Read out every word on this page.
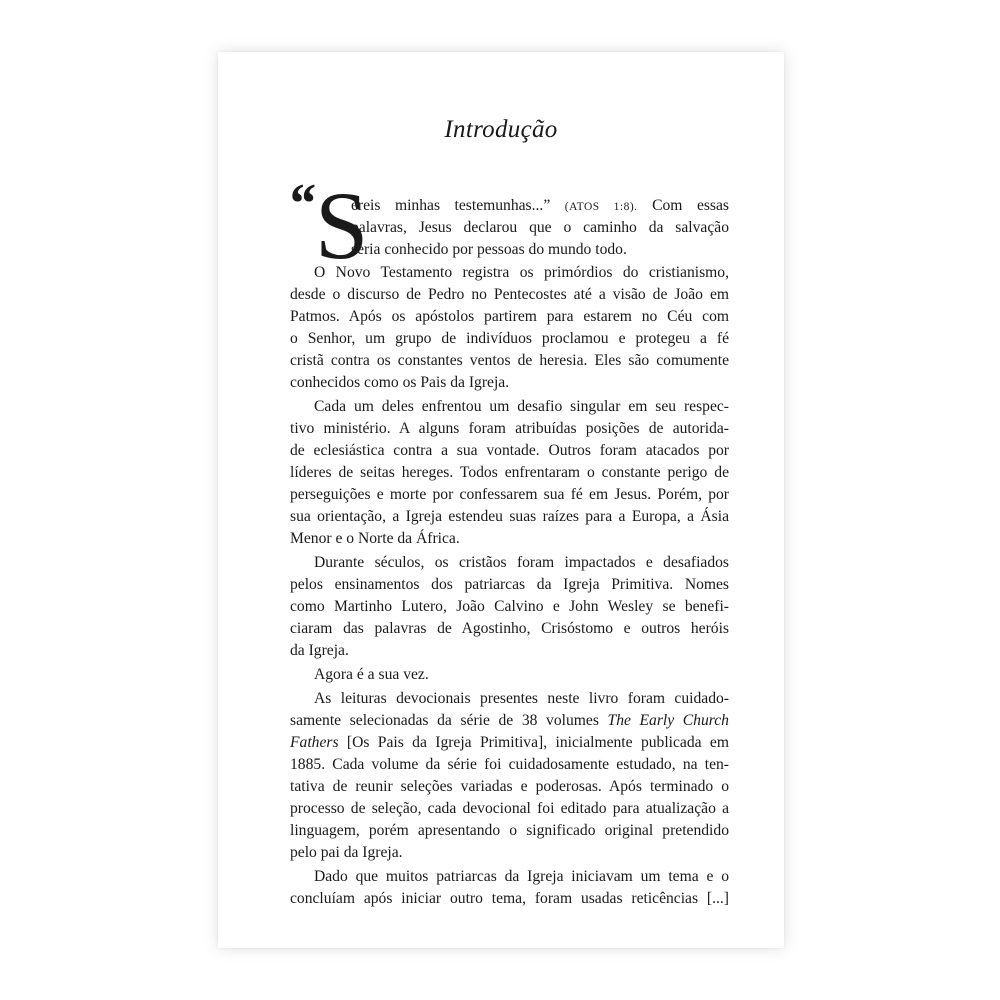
Introdução
“ S
ereis minhas testemunhas...” (ATOS 1:8). Com essas
palavras, Jesus declarou que o caminho da salvação
seria conhecido por pessoas do mundo todo.
O Novo Testamento registra os primórdios do cristianismo,
desde o discurso de Pedro no Pentecostes até a visão de João em
Patmos. Após os apóstolos partirem para estarem no Céu com
o Senhor, um grupo de indivíduos proclamou e protegeu a fé
cristã contra os constantes ventos de heresia. Eles são comumente
conhecidos como os Pais da Igreja.
Cada um deles enfrentou um desafio singular em seu respec-
tivo ministério. A alguns foram atribuídas posições de autorida-
de eclesiástica contra a sua vontade. Outros foram atacados por
líderes de seitas hereges. Todos enfrentaram o constante perigo de
perseguições e morte por confessarem sua fé em Jesus. Porém, por
sua orientação, a Igreja estendeu suas raízes para a Europa, a Ásia
Menor e o Norte da África.
Durante séculos, os cristãos foram impactados e desafiados
pelos ensinamentos dos patriarcas da Igreja Primitiva. Nomes
como Martinho Lutero, João Calvino e John Wesley se benefi-
ciaram das palavras de Agostinho, Crisóstomo e outros heróis
da Igreja.
Agora é a sua vez.
As leituras devocionais presentes neste livro foram cuidado-
samente selecionadas da série de 38 volumes The Early Church
Fathers [Os Pais da Igreja Primitiva], inicialmente publicada em
1885. Cada volume da série foi cuidadosamente estudado, na ten-
tativa de reunir seleções variadas e poderosas. Após terminado o
processo de seleção, cada devocional foi editado para atualização a
linguagem, porém apresentando o significado original pretendido
pelo pai da Igreja.
Dado que muitos patriarcas da Igreja iniciavam um tema e o
concluíam após iniciar outro tema, foram usadas reticências [...]
